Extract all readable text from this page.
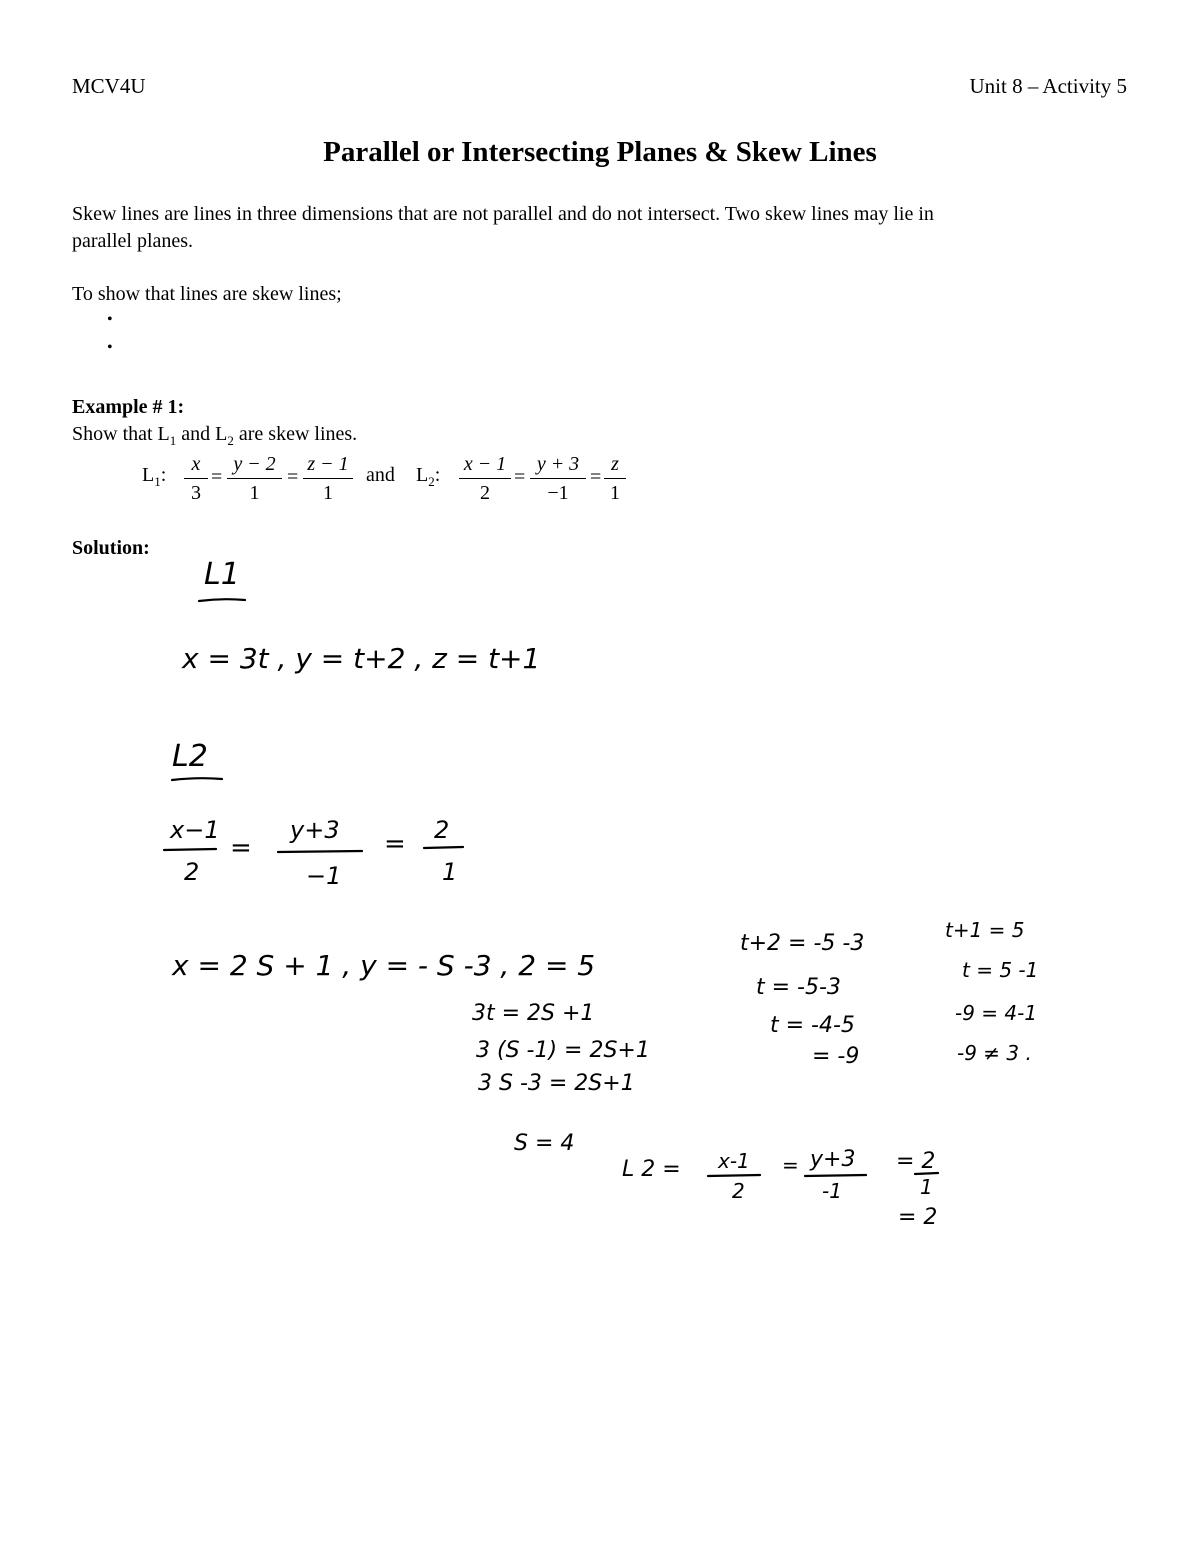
MCV4U	Unit 8 – Activity 5
Parallel or Intersecting Planes & Skew Lines
Skew lines are lines in three dimensions that are not parallel and do not intersect. Two skew lines may lie in
parallel planes.
To show that lines are skew lines;
•
•
Example # 1:
Show that $L_1$ and $L_2$ are skew lines.
$L_1$:	x
3
=
y − 2
1
=
z − 1
1
and $L_2$: x − 1
2
=
y + 3
−1
=
z
1
Solution:
L1
x = 3t , y = t+2 , z = t+1
L2
x−1
2
=
y+3
−1
= 2
1
x = 2 S + 1 , y = - S -3 , 2 = 5
3t = 2S +1
3 (S -1) = 2S+1
3 S -3 = 2S+1
S = 4
t+2 = -5 -3
t = -5-3
t = -4-5
= -9
t+1 = 5
t = 5 -1
-9 = 4-1
-9 ≠ 3 .
L 2 = x-1
2
= y+3
-1
= 2
1
= 2
